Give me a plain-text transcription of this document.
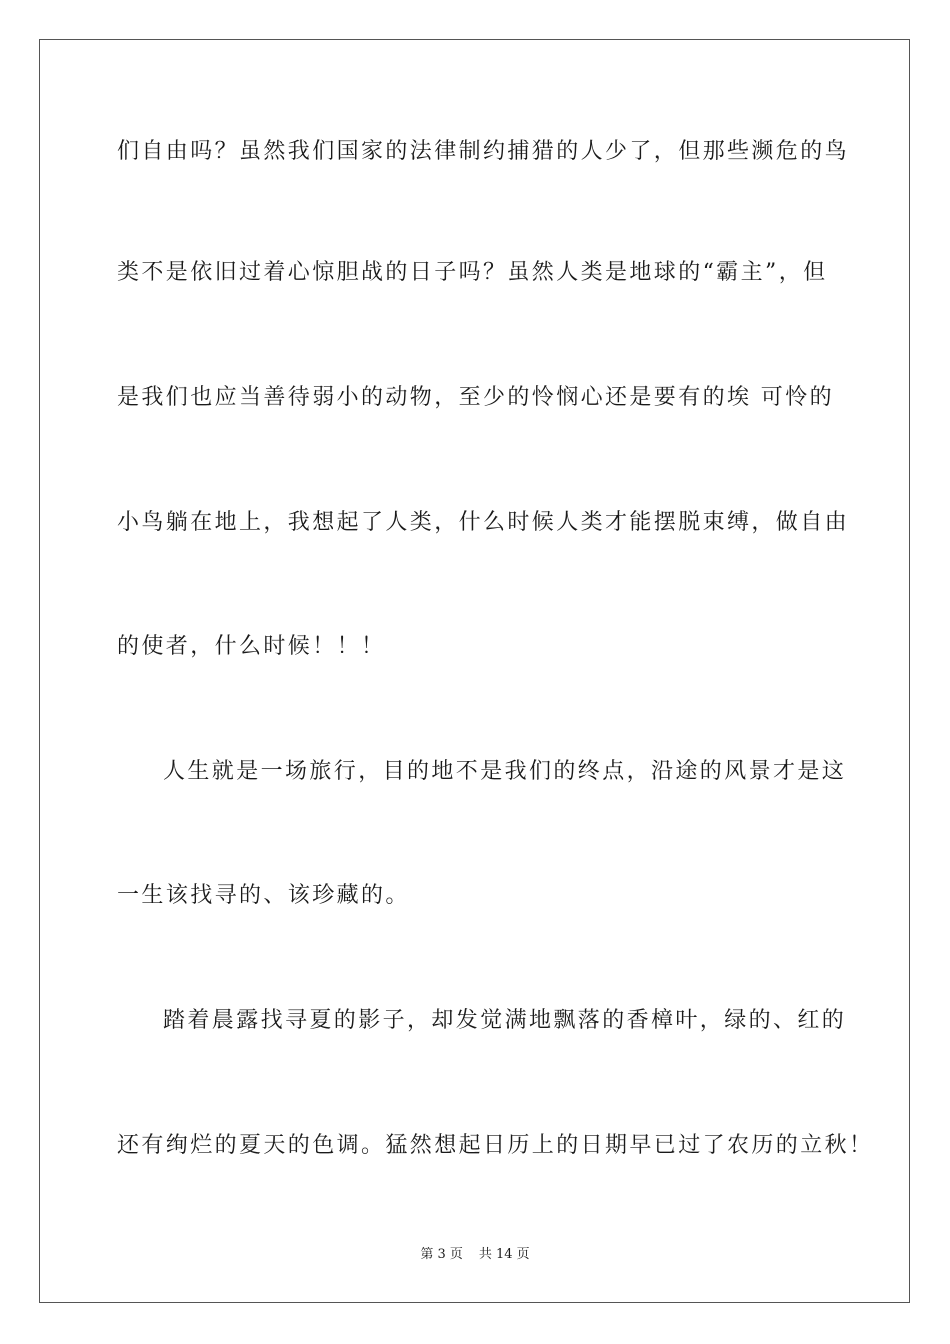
们自由吗？虽然我们国家的法律制约捕猎的人少了，但那些濒危的鸟
类不是依旧过着心惊胆战的日子吗？虽然人类是地球的“霸主”，但
是我们也应当善待弱小的动物，至少的怜悯心还是要有的埃 可怜的
小鸟躺在地上，我想起了人类，什么时候人类才能摆脱束缚，做自由
的使者，什么时候！！！
人生就是一场旅行，目的地不是我们的终点，沿途的风景才是这
一生该找寻的、该珍藏的。
踏着晨露找寻夏的影子，却发觉满地飘落的香樟叶，绿的、红的
还有绚烂的夏天的色调。猛然想起日历上的日期早已过了农历的立秋！
第 3 页 共 14 页
